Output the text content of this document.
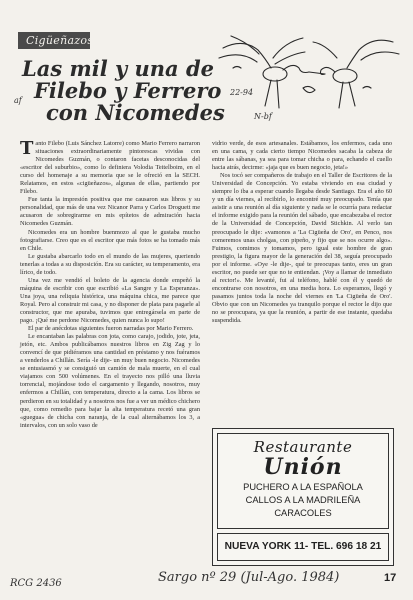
Cigüeñazos
Las mil y una de
Filebo y Ferrero
con Nicomedes
af
22-94
N-bf
T anto Filebo (Luis Sánchez Latorre) como Mario Ferrero narraron situaciones extraordinariamente pintorescas vividas con Nicomedes Guzmán, o contaron facetas desconocidas del «escritor del suburbio», como lo definiera Volodia Teitelboim, en el curso del homenaje a su memoria que se le ofreció en la SECH. Relatamos, en estos «cigüeñazos», algunas de ellas, partiendo por Filebo.

Fue tanta la impresión positiva que me causaron sus libros y su personalidad, que más de una vez Nicanor Parra y Carlos Droguett me acusaron de sobregirarme en mis epítetos de admiración hacia Nicomedes Guzmán.

Nicomedes era un hombre buenmozo al que le gustaba mucho fotografiarse. Creo que es el escritor que más fotos se ha tomado más en Chile.

Le gustaba abarcarlo todo en el mundo de las mujeres, queriendo tenerlas a todas a su disposición. Era su carácter, su temperamento, era lírico, de todo.

Una vez me vendió el boleto de la agencia donde empeñó la máquina de escribir con que escribió «La Sangre y La Esperanza». Una joya, una reliquia histórica, una máquina chica, me parece que Royal. Pero al construir mi casa, y no disponer de plata para pagarle al constructor, que me apuraba, tuvimos que entregársela en parte de pago. ¡Qué me perdone Nicomedes, quien nunca lo supo!

El par de anécdotas siguientes fueron narradas por Mario Ferrero.

Le encantaban las palabras con jota, como carajo, jodido, jote, jeta, jetón, etc. Ambos publicábamos nuestros libros en Zig Zag y lo convencí de que pidiéramos una cantidad en préstamo y nos fuéramos a venderlos a Chillán. Sería -le dije- un muy buen negocio. Nicomedes se entusiasmó y se consiguió un camión de mala muerte, en el cual viajamos con 500 volúmenes. En el trayecto nos pilló una lluvia torrencial, mojándose todo el cargamento y llegando, nosotros, muy enfermos a Chillán, con temperatura, directo a la cama. Los libros se perdieron en su totalidad y a nosotros nos fue a ver un médico chichero que, como remedio para bajar la alta temperatura recetó una gran «guegua» de chicha con naranja, de la cual alternábamos los 3, a intervalos, con un solo vaso de

vidrio verde, de esos artesanales. Estábamos, los enfermos, cada uno en una cama, y cada cierto tiempo Nicomedes sacaba la cabeza de entre las sábanas, ya sea para tomar chicha o para, echando el cuello hacia atrás, decirme: «jaja que es buen negocio, jeta!»

Nos tocó ser compañeros de trabajo en el Taller de Escritores de la Universidad de Concepción. Yo estaba viviendo en esa ciudad y siempre lo iba a esperar cuando llegaba desde Santiago. Era el año 60 y un día viernes, al recibirlo, lo encontré muy preocupado. Tenía que asistir a una reunión al día siguiente y nada se le ocurría para redactar el informe exigido para la reunión del sábado, que encabezaba el rector de la Universidad de Concepción, David Stichkin. Al verlo tan preocupado le dije: «vamonos a 'La Cigüeña de Oro', en Penco, nos comeremos unas cholgas, con pipeño, y fijo que se nos ocurre algo». Fuimos, comimos y tomamos, pero igual este hombre de gran prestigio, la figura mayor de la generación del 38, seguía preocupado por el informe. «Oye -le dije-, qué te preocupas tanto, eres un gran escritor, no puede ser que no te entiendan. ¡Voy a llamar de inmediato al rector!». Me levanté, fui al teléfono, hablé con él y quedó de encontrarse con nosotros, en una media hora. Lo esperamos, llegó y pasamos juntos toda la noche del viernes en 'La Cigüeña de Oro'. Obvio que con un Nicomedes ya tranquilo porque el rector le dijo que no se preocupara, ya que la reunión, a partir de ese instante, quedaba suspendida.

Restaurante
Unión
PUCHERO A LA ESPAÑOLA
CALLOS A LA MADRILEÑA
CARACOLES
NUEVA YORK 11- TEL. 696 18 21
RCG 2436	Sargo nº 29 (Jul-Ago. 1984)	17
